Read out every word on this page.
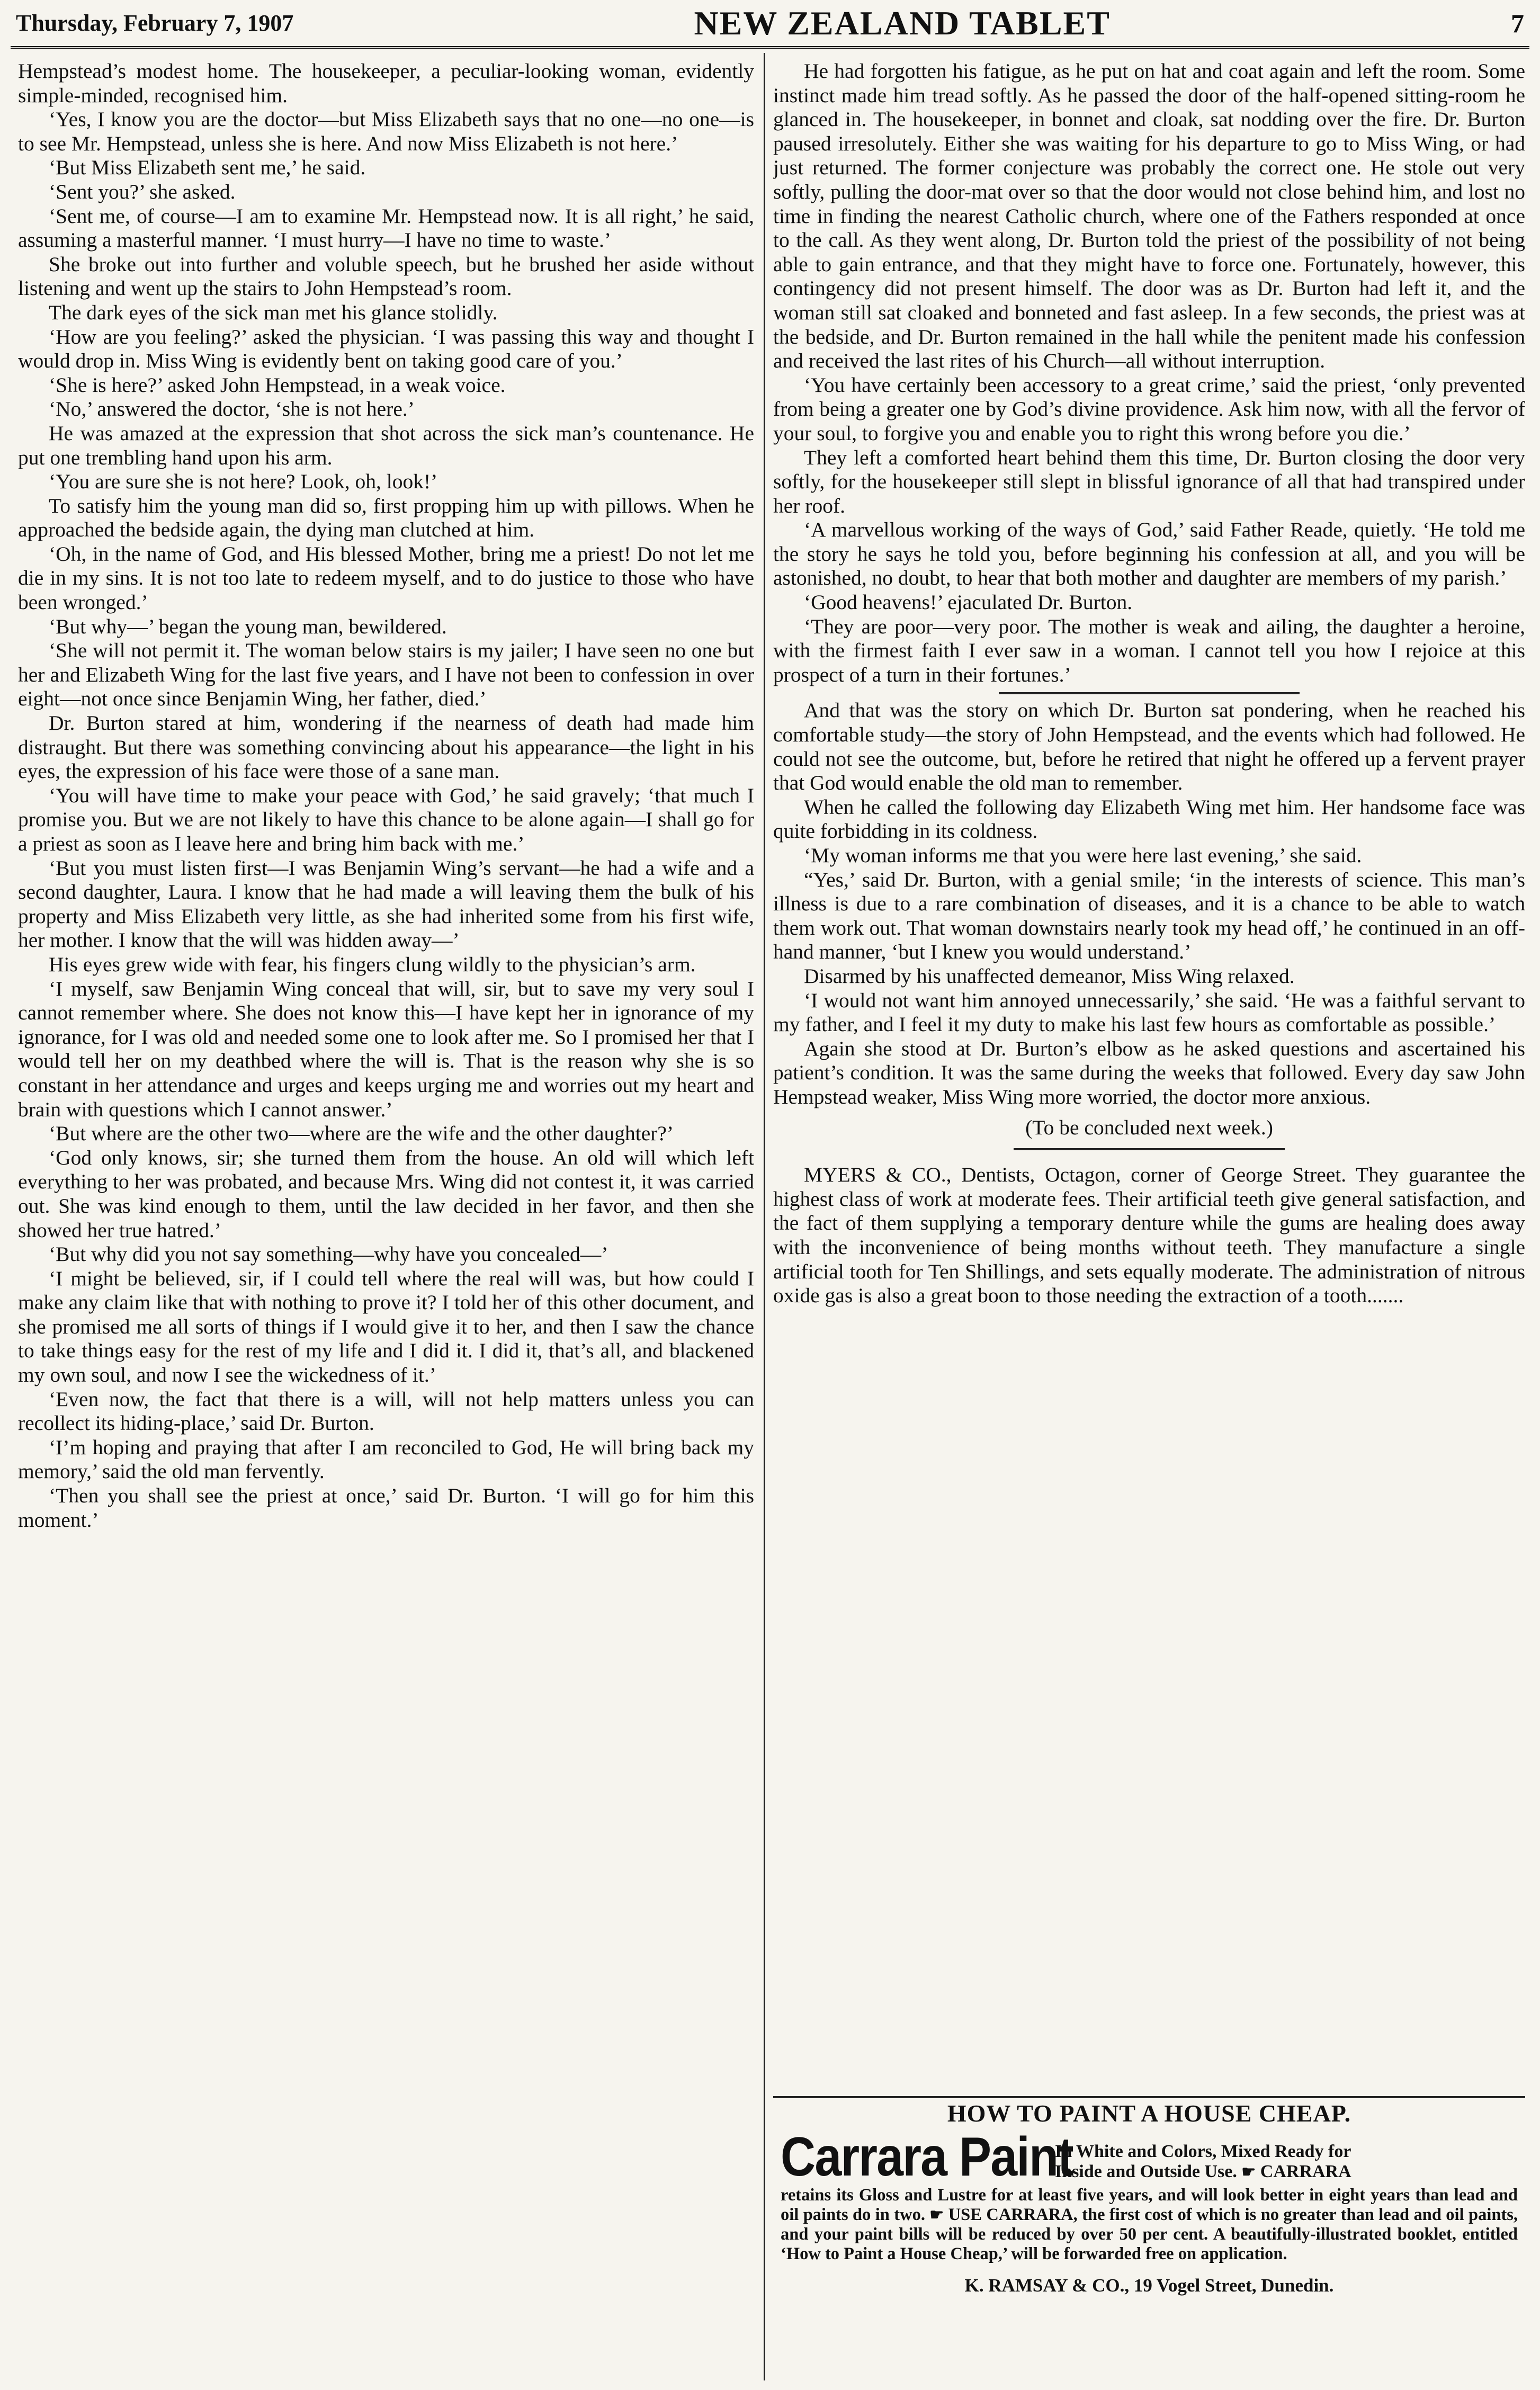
Thursday, February 7, 1907	NEW ZEALAND TABLET	7

Hempstead’s modest home. The housekeeper, a peculiar-looking woman, evidently simple-minded, recognised him.

‘Yes, I know you are the doctor—but Miss Elizabeth says that no one—no one—is to see Mr. Hempstead, unless she is here. And now Miss Elizabeth is not here.’

‘But Miss Elizabeth sent me,’ he said.

‘Sent you?’ she asked.

‘Sent me, of course—I am to examine Mr. Hempstead now. It is all right,’ he said, assuming a masterful manner. ‘I must hurry—I have no time to waste.’

She broke out into further and voluble speech, but he brushed her aside without listening and went up the stairs to John Hempstead’s room.

The dark eyes of the sick man met his glance stolidly.

‘How are you feeling?’ asked the physician. ‘I was passing this way and thought I would drop in. Miss Wing is evidently bent on taking good care of you.’

‘She is here?’ asked John Hempstead, in a weak voice.

‘No,’ answered the doctor, ‘she is not here.’

He was amazed at the expression that shot across the sick man’s countenance. He put one trembling hand upon his arm.

‘You are sure she is not here? Look, oh, look!’

To satisfy him the young man did so, first propping him up with pillows. When he approached the bedside again, the dying man clutched at him.

‘Oh, in the name of God, and His blessed Mother, bring me a priest! Do not let me die in my sins. It is not too late to redeem myself, and to do justice to those who have been wronged.’

‘But why—’ began the young man, bewildered.

‘She will not permit it. The woman below stairs is my jailer; I have seen no one but her and Elizabeth Wing for the last five years, and I have not been to confession in over eight—not once since Benjamin Wing, her father, died.’

Dr. Burton stared at him, wondering if the nearness of death had made him distraught. But there was something convincing about his appearance—the light in his eyes, the expression of his face were those of a sane man.

‘You will have time to make your peace with God,’ he said gravely; ‘that much I promise you. But we are not likely to have this chance to be alone again—I shall go for a priest as soon as I leave here and bring him back with me.’

‘But you must listen first—I was Benjamin Wing’s servant—he had a wife and a second daughter, Laura. I know that he had made a will leaving them the bulk of his property and Miss Elizabeth very little, as she had inherited some from his first wife, her mother. I know that the will was hidden away—’

His eyes grew wide with fear, his fingers clung wildly to the physician’s arm.

‘I myself, saw Benjamin Wing conceal that will, sir, but to save my very soul I cannot remember where. She does not know this—I have kept her in ignorance of my ignorance, for I was old and needed some one to look after me. So I promised her that I would tell her on my deathbed where the will is. That is the reason why she is so constant in her attendance and urges and keeps urging me and worries out my heart and brain with questions which I cannot answer.’

‘But where are the other two—where are the wife and the other daughter?’

‘God only knows, sir; she turned them from the house. An old will which left everything to her was probated, and because Mrs. Wing did not contest it, it was carried out. She was kind enough to them, until the law decided in her favor, and then she showed her true hatred.’

‘But why did you not say something—why have you concealed—’

‘I might be believed, sir, if I could tell where the real will was, but how could I make any claim like that with nothing to prove it? I told her of this other document, and she promised me all sorts of things if I would give it to her, and then I saw the chance to take things easy for the rest of my life and I did it. I did it, that’s all, and blackened my own soul, and now I see the wickedness of it.’

‘Even now, the fact that there is a will, will not help matters unless you can recollect its hiding-place,’ said Dr. Burton.

‘I’m hoping and praying that after I am reconciled to God, He will bring back my memory,’ said the old man fervently.

‘Then you shall see the priest at once,’ said Dr. Burton. ‘I will go for him this moment.’

He had forgotten his fatigue, as he put on hat and coat again and left the room. Some instinct made him tread softly. As he passed the door of the half-opened sitting-room he glanced in. The housekeeper, in bonnet and cloak, sat nodding over the fire. Dr. Burton paused irresolutely. Either she was waiting for his departure to go to Miss Wing, or had just returned. The former conjecture was probably the correct one. He stole out very softly, pulling the door-mat over so that the door would not close behind him, and lost no time in finding the nearest Catholic church, where one of the Fathers responded at once to the call. As they went along, Dr. Burton told the priest of the possibility of not being able to gain entrance, and that they might have to force one. Fortunately, however, this contingency did not present himself. The door was as Dr. Burton had left it, and the woman still sat cloaked and bonneted and fast asleep. In a few seconds, the priest was at the bedside, and Dr. Burton remained in the hall while the penitent made his confession and received the last rites of his Church—all without interruption.

‘You have certainly been accessory to a great crime,’ said the priest, ‘only prevented from being a greater one by God’s divine providence. Ask him now, with all the fervor of your soul, to forgive you and enable you to right this wrong before you die.’

They left a comforted heart behind them this time, Dr. Burton closing the door very softly, for the housekeeper still slept in blissful ignorance of all that had transpired under her roof.

‘A marvellous working of the ways of God,’ said Father Reade, quietly. ‘He told me the story he says he told you, before beginning his confession at all, and you will be astonished, no doubt, to hear that both mother and daughter are members of my parish.’

‘Good heavens!’ ejaculated Dr. Burton.

‘They are poor—very poor. The mother is weak and ailing, the daughter a heroine, with the firmest faith I ever saw in a woman. I cannot tell you how I rejoice at this prospect of a turn in their fortunes.’

And that was the story on which Dr. Burton sat pondering, when he reached his comfortable study—the story of John Hempstead, and the events which had followed. He could not see the outcome, but, before he retired that night he offered up a fervent prayer that God would enable the old man to remember.

When he called the following day Elizabeth Wing met him. Her handsome face was quite forbidding in its coldness.

‘My woman informs me that you were here last evening,’ she said.

“Yes,’ said Dr. Burton, with a genial smile; ‘in the interests of science. This man’s illness is due to a rare combination of diseases, and it is a chance to be able to watch them work out. That woman downstairs nearly took my head off,’ he continued in an off-hand manner, ‘but I knew you would understand.’

Disarmed by his unaffected demeanor, Miss Wing relaxed.

‘I would not want him annoyed unnecessarily,’ she said. ‘He was a faithful servant to my father, and I feel it my duty to make his last few hours as comfortable as possible.’

Again she stood at Dr. Burton’s elbow as he asked questions and ascertained his patient’s condition. It was the same during the weeks that followed. Every day saw John Hempstead weaker, Miss Wing more worried, the doctor more anxious.

(To be concluded next week.)

MYERS & CO., Dentists, Octagon, corner of George Street. They guarantee the highest class of work at moderate fees. Their artificial teeth give general satisfaction, and the fact of them supplying a temporary denture while the gums are healing does away with the inconvenience of being months without teeth. They manufacture a single artificial tooth for Ten Shillings, and sets equally moderate. The administration of nitrous oxide gas is also a great boon to those needing the extraction of a tooth.......

HOW TO PAINT A HOUSE CHEAP.
Carrara Paint
In White and Colors, Mixed Ready for
Inside and Outside Use. ☛ CARRARA
retains its Gloss and Lustre for at least five years, and will look better in eight years than lead and oil paints do in two. ☛ USE CARRARA, the first cost of which is no greater than lead and oil paints, and your paint bills will be reduced by over 50 per cent. A beautifully-illustrated booklet, entitled ‘How to Paint a House Cheap,’ will be forwarded free on application.
K. RAMSAY & CO., 19 Vogel Street, Dunedin.
